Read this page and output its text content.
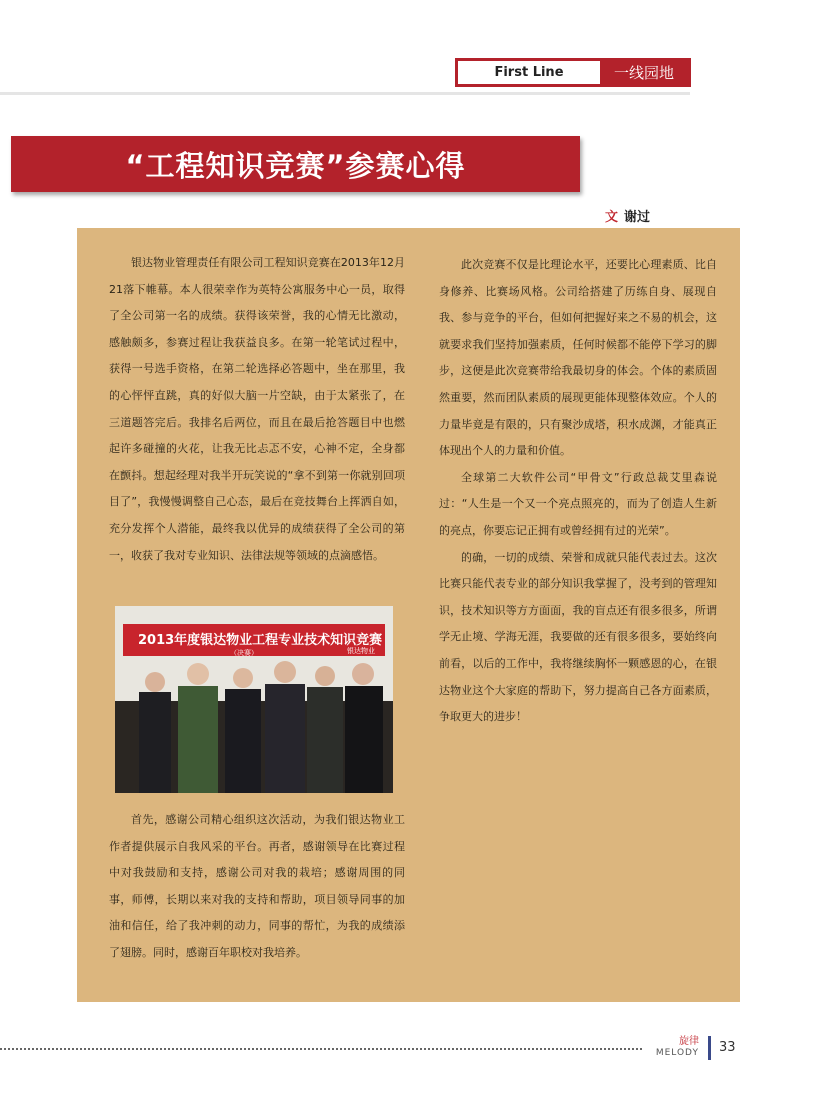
First Line	一线园地
“工程知识竞赛”参赛心得
文 谢过

银达物业管理责任有限公司工程知识竞赛在2013年12月21落下帷幕。本人很荣幸作为英特公寓服务中心一员，取得了全公司第一名的成绩。获得该荣誉，我的心情无比激动，感触颇多，参赛过程让我获益良多。在第一轮笔试过程中，获得一号选手资格，在第二轮选择必答题中，坐在那里，我的心怦怦直跳，真的好似大脑一片空缺，由于太紧张了，在三道题答完后。我排名后两位，而且在最后抢答题目中也燃起许多碰撞的火花，让我无比忐忑不安，心神不定，全身都在颤抖。想起经理对我半开玩笑说的“拿不到第一你就别回项目了”，我慢慢调整自己心态，最后在竞技舞台上挥洒自如，充分发挥个人潜能，最终我以优异的成绩获得了全公司的第一，收获了我对专业知识、法律法规等领域的点滴感悟。

2013年度银达物业工程专业技术知识竞赛
（决赛）	银达物业

首先，感谢公司精心组织这次活动，为我们银达物业工作者提供展示自我风采的平台。再者，感谢领导在比赛过程中对我鼓励和支持，感谢公司对我的栽培；感谢周围的同事，师傅，长期以来对我的支持和帮助，项目领导同事的加油和信任，给了我冲刺的动力，同事的帮忙，为我的成绩添了翅膀。同时，感谢百年职校对我培养。

此次竞赛不仅是比理论水平，还要比心理素质、比自身修养、比赛场风格。公司给搭建了历练自身、展现自我、参与竞争的平台，但如何把握好来之不易的机会，这就要求我们坚持加强素质，任何时候都不能停下学习的脚步，这便是此次竞赛带给我最切身的体会。个体的素质固然重要，然而团队素质的展现更能体现整体效应。个人的力量毕竟是有限的，只有聚沙成塔，积水成渊，才能真正体现出个人的力量和价值。

全球第二大软件公司“甲骨文”行政总裁艾里森说过：“人生是一个又一个亮点照亮的，而为了创造人生新的亮点，你要忘记正拥有或曾经拥有过的光荣”。

的确，一切的成绩、荣誉和成就只能代表过去。这次比赛只能代表专业的部分知识我掌握了，没考到的管理知识，技术知识等方方面面，我的盲点还有很多很多，所谓学无止境、学海无涯，我要做的还有很多很多，要始终向前看，以后的工作中，我将继续胸怀一颗感恩的心，在银达物业这个大家庭的帮助下，努力提高自己各方面素质，争取更大的进步！

旋律
MELODY 33
